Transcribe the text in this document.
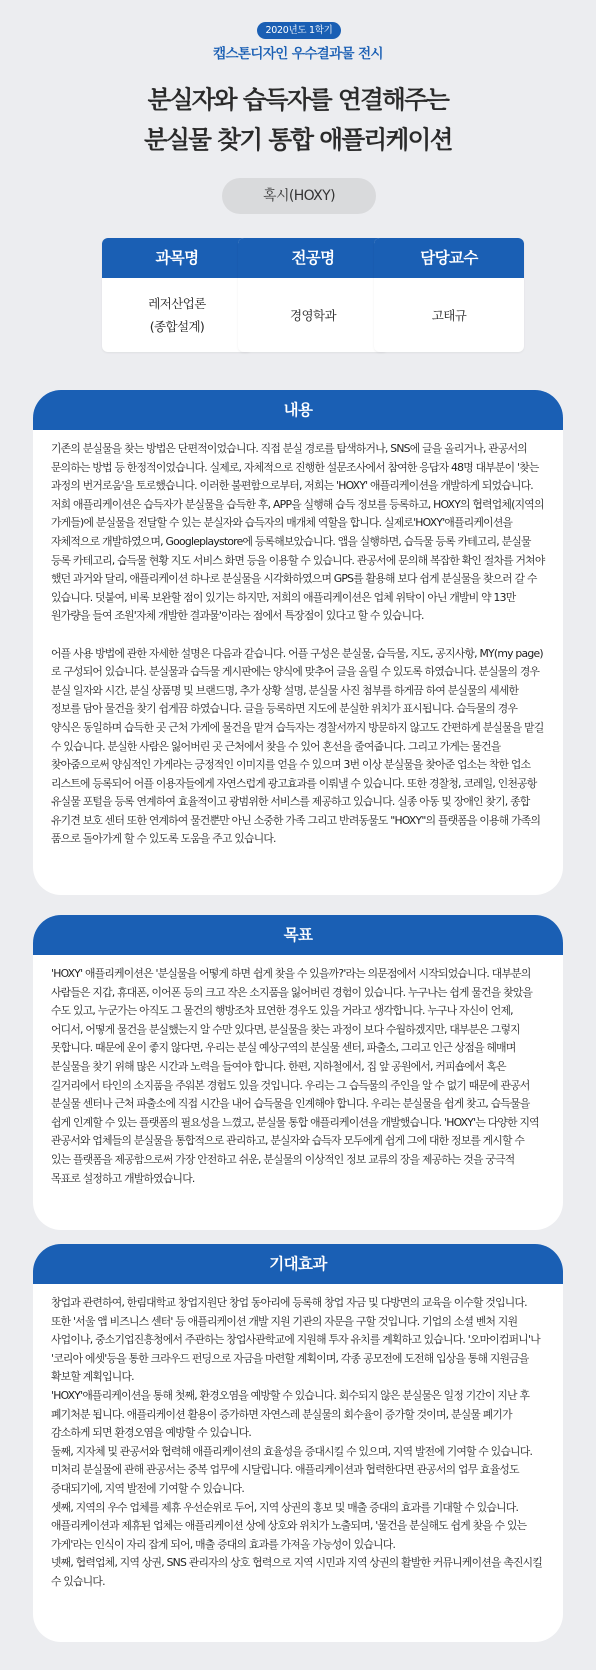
2020년도 1학기
캡스톤디자인 우수결과물 전시
분실자와 습득자를 연결해주는
분실물 찾기 통합 애플리케이션
혹시(HOXY)
과목명
레저산업론
(종합설계)
전공명
경영학과
담당교수
고태규
내용

기존의 분실물을 찾는 방법은 단편적이었습니다. 직접 분실 경로를 탐색하거나, SNS에 글을 올리거나, 관공서의 문의하는 방법 등 한정적이었습니다. 실제로, 자체적으로 진행한 설문조사에서 참여한 응답자 48명 대부분이 '찾는 과정의 번거로움'을 토로했습니다. 이러한 불편함으로부터, 저희는 'HOXY' 애플리케이션을 개발하게 되었습니다. 저희 애플리케이션은 습득자가 분실물을 습득한 후, APP을 실행해 습득 정보를 등록하고, HOXY의 협력업체(지역의 가게들)에 분실물을 전달할 수 있는 분실자와 습득자의 매개체 역할을 합니다. 실제로'HOXY'애플리케이션을 자체적으로 개발하였으며, Googleplaystore에 등록해보았습니다. 앱을 실행하면, 습득물 등록 카테고리, 분실물 등록 카테고리, 습득물 현황 지도 서비스 화면 등을 이용할 수 있습니다. 관공서에 문의해 복잡한 확인 절차를 거쳐야 했던 과거와 달리, 애플리케이션 하나로 분실물을 시각화하였으며 GPS를 활용해 보다 쉽게 분실물을 찾으러 갈 수 있습니다. 덧붙여, 비록 보완할 점이 있기는 하지만, 저희의 애플리케이션은 업체 위탁이 아닌 개발비 약 13만 원가량을 들여 조원'자체 개발한 결과물'이라는 점에서 특장점이 있다고 할 수 있습니다.

어플 사용 방법에 관한 자세한 설명은 다음과 같습니다. 어플 구성은 분실물, 습득물, 지도, 공지사항, MY(my page)로 구성되어 있습니다. 분실물과 습득물 게시판에는 양식에 맞추어 글을 올릴 수 있도록 하였습니다. 분실물의 경우 분실 일자와 시간, 분실 상품명 및 브랜드명, 추가 상황 설명, 분실물 사진 첨부를 하게끔 하여 분실물의 세세한 정보를 담아 물건을 찾기 쉽게끔 하였습니다. 글을 등록하면 지도에 분실한 위치가 표시됩니다. 습득물의 경우 양식은 동일하며 습득한 곳 근처 가게에 물건을 맡겨 습득자는 경찰서까지 방문하지 않고도 간편하게 분실물을 맡길 수 있습니다. 분실한 사람은 잃어버린 곳 근처에서 찾을 수 있어 혼선을 줄여줍니다. 그리고 가게는 물건을 찾아줌으로써 양심적인 가게라는 긍정적인 이미지를 얻을 수 있으며 3번 이상 분실물을 찾아준 업소는 착한 업소 리스트에 등록되어 어플 이용자들에게 자연스럽게 광고효과를 이뤄낼 수 있습니다. 또한 경찰청, 코레일, 인천공항 유실물 포털을 등록 연계하여 효율적이고 광범위한 서비스를 제공하고 있습니다. 실종 아동 및 장애인 찾기, 종합 유기견 보호 센터 또한 연계하여 물건뿐만 아닌 소중한 가족 그리고 반려동물도 "HOXY"의 플랫폼을 이용해 가족의 품으로 돌아가게 할 수 있도록 도움을 주고 있습니다.

목표

'HOXY' 애플리케이션은 '분실물을 어떻게 하면 쉽게 찾을 수 있을까?'라는 의문점에서 시작되었습니다. 대부분의 사람들은 지갑, 휴대폰, 이어폰 등의 크고 작은 소지품을 잃어버린 경험이 있습니다. 누구나는 쉽게 물건을 찾았을 수도 있고, 누군가는 아직도 그 물건의 행방조차 묘연한 경우도 있을 거라고 생각합니다. 누구나 자신이 언제, 어디서, 어떻게 물건을 분실했는지 알 수만 있다면, 분실물을 찾는 과정이 보다 수월하겠지만, 대부분은 그렇지 못합니다. 때문에 운이 좋지 않다면, 우리는 분실 예상구역의 분실물 센터, 파출소, 그리고 인근 상점을 헤매며 분실물을 찾기 위해 많은 시간과 노력을 들여야 합니다. 한편, 지하철에서, 집 앞 공원에서, 커피숍에서 혹은 길거리에서 타인의 소지품을 주워본 경험도 있을 것입니다. 우리는 그 습득물의 주인을 알 수 없기 때문에 관공서 분실물 센터나 근처 파출소에 직접 시간을 내어 습득물을 인계해야 합니다. 우리는 분실물을 쉽게 찾고, 습득물을 쉽게 인계할 수 있는 플랫폼의 필요성을 느꼈고, 분실물 통합 애플리케이션을 개발했습니다. 'HOXY'는 다양한 지역 관공서와 업체들의 분실물을 통합적으로 관리하고, 분실자와 습득자 모두에게 쉽게 그에 대한 정보를 게시할 수 있는 플랫폼을 제공함으로써 가장 안전하고 쉬운, 분실물의 이상적인 정보 교류의 장을 제공하는 것을 궁극적 목표로 설정하고 개발하였습니다.

기대효과

창업과 관련하여, 한림대학교 창업지원단 창업 동아리에 등록해 창업 자금 및 다방면의 교육을 이수할 것입니다. 또한 '서울 앱 비즈니스 센터' 등 애플리케이션 개발 지원 기관의 자문을 구할 것입니다. 기업의 소셜 벤처 지원 사업이나, 중소기업진흥청에서 주관하는 창업사관학교에 지원해 투자 유치를 계획하고 있습니다. '오마이컴퍼니'나 '코리아 에셋'등을 통한 크라우드 펀딩으로 자금을 마련할 계획이며, 각종 공모전에 도전해 입상을 통해 지원금을 확보할 계획입니다.

'HOXY'애플리케이션을 통해 첫째, 환경오염을 예방할 수 있습니다. 회수되지 않은 분실물은 일정 기간이 지난 후 폐기처분 됩니다. 애플리케이션 활용이 증가하면 자연스레 분실물의 회수율이 증가할 것이며, 분실물 폐기가 감소하게 되면 환경오염을 예방할 수 있습니다.

둘째, 지자체 및 관공서와 협력해 애플리케이션의 효율성을 증대시킬 수 있으며, 지역 발전에 기여할 수 있습니다. 미처리 분실물에 관해 관공서는 중복 업무에 시달립니다. 애플리케이션과 협력한다면 관공서의 업무 효율성도 증대되기에, 지역 발전에 기여할 수 있습니다.

셋째, 지역의 우수 업체를 제휴 우선순위로 두어, 지역 상권의 홍보 및 매출 증대의 효과를 기대할 수 있습니다. 애플리케이션과 제휴된 업체는 애플리케이션 상에 상호와 위치가 노출되며, '물건을 분실해도 쉽게 찾을 수 있는 가게'라는 인식이 자리 잡게 되어, 매출 증대의 효과를 가져올 가능성이 있습니다.

넷째, 협력업체, 지역 상권, SNS 관리자의 상호 협력으로 지역 시민과 지역 상권의 활발한 커뮤니케이션을 촉진시킬 수 있습니다.
